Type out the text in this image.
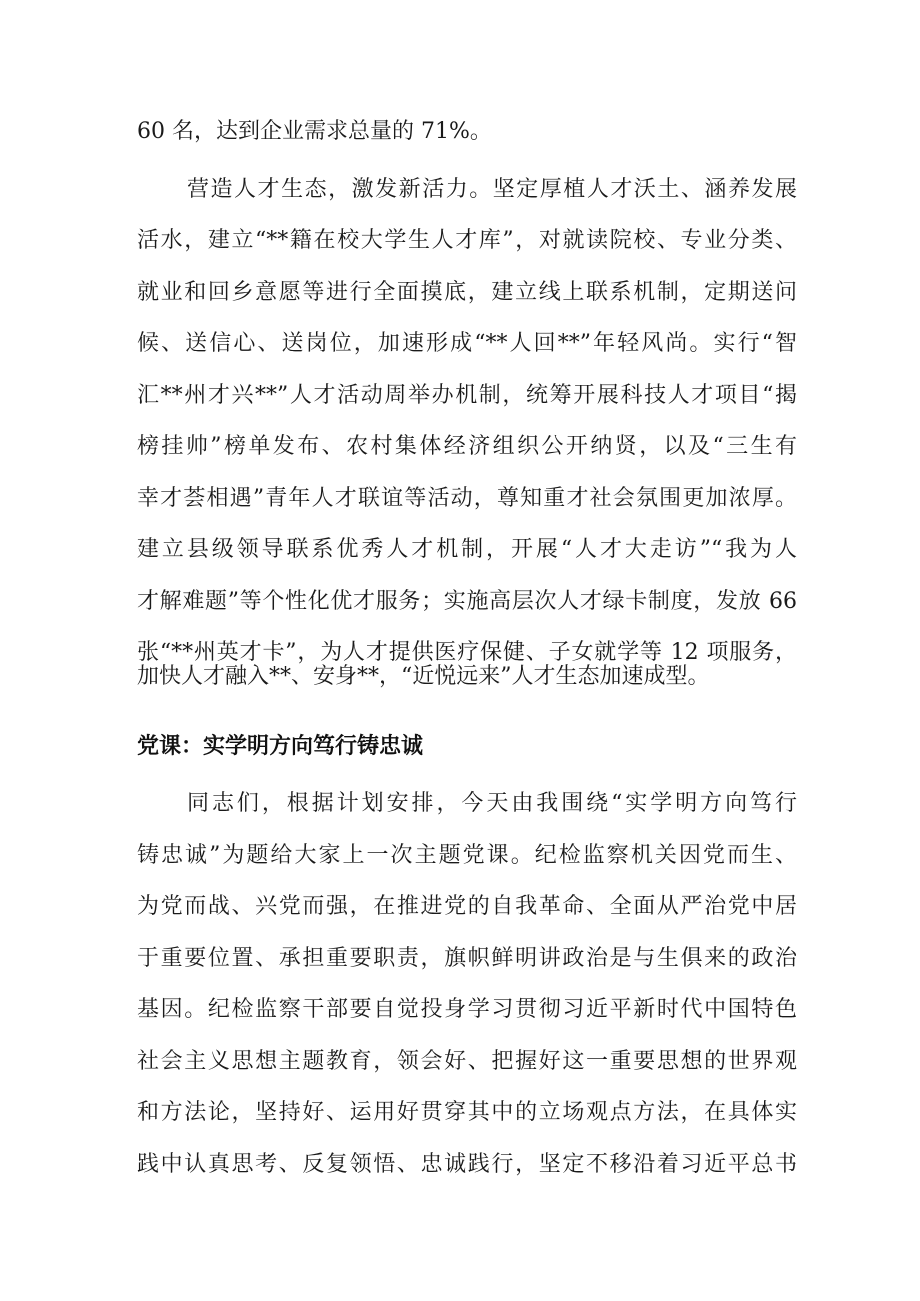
60 名，达到企业需求总量的 71%。
营造人才生态，激发新活力。坚定厚植人才沃土、涵养发展
活水，建立“**籍在校大学生人才库”，对就读院校、专业分类、
就业和回乡意愿等进行全面摸底，建立线上联系机制，定期送问
候、送信心、送岗位，加速形成“**人回**”年轻风尚。实行“智
汇**州才兴**”人才活动周举办机制，统筹开展科技人才项目“揭
榜挂帅”榜单发布、农村集体经济组织公开纳贤，以及“三生有
幸才荟相遇”青年人才联谊等活动，尊知重才社会氛围更加浓厚。
建立县级领导联系优秀人才机制，开展“人才大走访”“我为人
才解难题”等个性化优才服务；实施高层次人才绿卡制度，发放 66
张“**州英才卡”，为人才提供医疗保健、子女就学等 12 项服务，
加快人才融入**、安身**，“近悦远来”人才生态加速成型。
党课：实学明方向笃行铸忠诚
同志们，根据计划安排，今天由我围绕“实学明方向笃行
铸忠诚”为题给大家上一次主题党课。纪检监察机关因党而生、
为党而战、兴党而强，在推进党的自我革命、全面从严治党中居
于重要位置、承担重要职责，旗帜鲜明讲政治是与生俱来的政治
基因。纪检监察干部要自觉投身学习贯彻习近平新时代中国特色
社会主义思想主题教育，领会好、把握好这一重要思想的世界观
和方法论，坚持好、运用好贯穿其中的立场观点方法，在具体实
践中认真思考、反复领悟、忠诚践行，坚定不移沿着习近平总书
